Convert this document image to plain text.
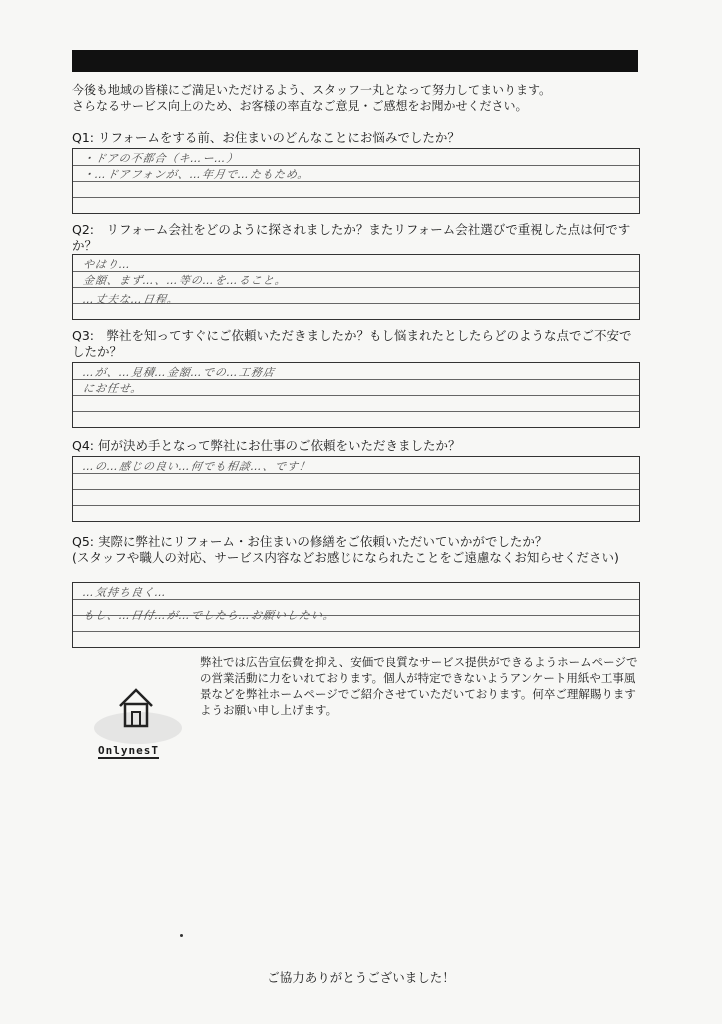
今後も地域の皆様にご満足いただけるよう、スタッフ一丸となって努力してまいります。
さらなるサービス向上のため、お客様の率直なご意見・ご感想をお聞かせください。
Q1: リフォームをする前、お住まいのどんなことにお悩みでしたか？
・ドアの不都合（キ…ー…）
・…ドアフォンが、…年月で…たもため。
Q2:　リフォーム会社をどのように探されましたか？またリフォーム会社選びで重視した点は何ですか？
やはり…
金額、まず…、…等の…を…ること。
…丈夫な…日程。
Q3:　弊社を知ってすぐにご依頼いただきましたか？もし悩まれたとしたらどのような点でご不安でしたか？
…が、…見積…金額…での…工務店
にお任せ。
Q4: 何が決め手となって弊社にお仕事のご依頼をいただきましたか？
…の…感じの良い…何でも相談…、です！
Q5: 実際に弊社にリフォーム・お住まいの修繕をご依頼いただいていかがでしたか？
(スタッフや職人の対応、サービス内容などお感じになられたことをご遠慮なくお知らせください)
…気持ち良く…
もし、…日付…が…でしたら…お願いしたい。
弊社では広告宣伝費を抑え、安価で良質なサービス提供ができるようホームページでの営業活動に力をいれております。個人が特定できないようアンケート用紙や工事風景などを弊社ホームページでご紹介させていただいております。何卒ご理解賜りますようお願い申し上げます。
OnlynesT
ご協力ありがとうございました！
